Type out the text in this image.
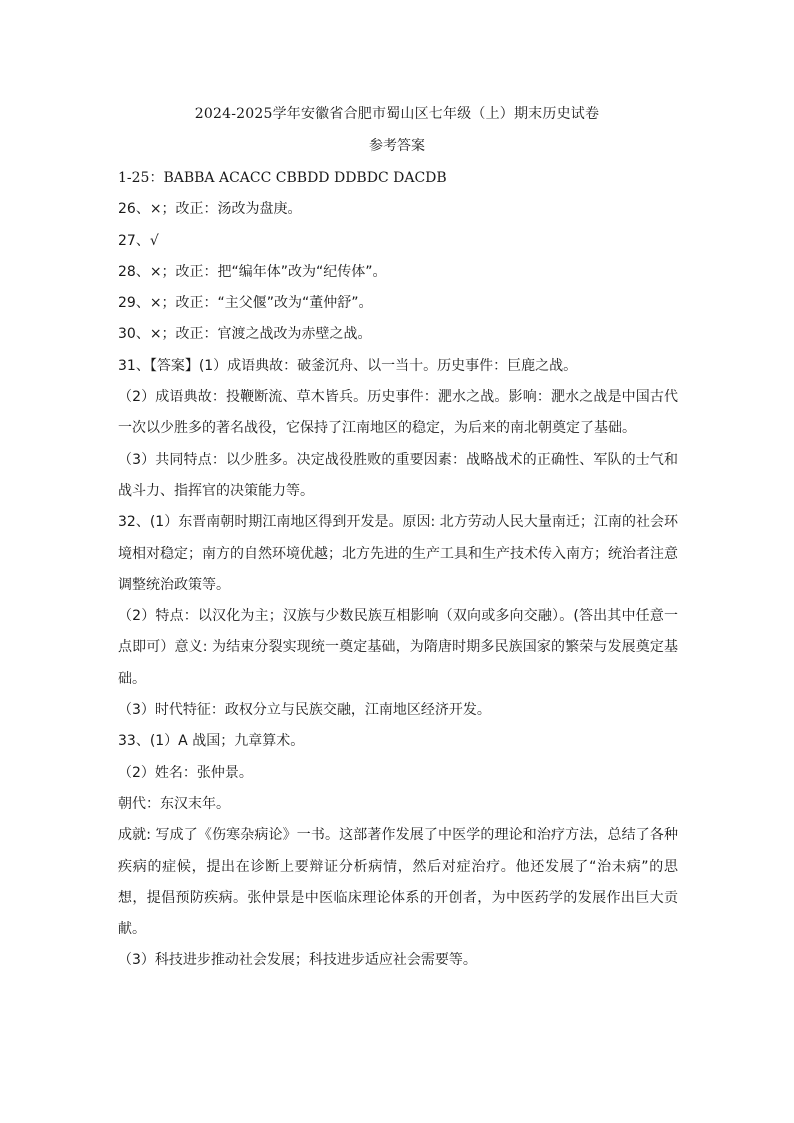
2024-2025学年安徽省合肥市蜀山区七年级（上）期末历史试卷
参考答案

1-25：BABBA ACACC CBBDD DDBDC DACDB

26、×；改正：汤改为盘庚。

27、√

28、×；改正：把“编年体”改为“纪传体”。

29、×；改正：“主父偃”改为“董仲舒”。

30、×；改正：官渡之战改为赤壁之战。

31、【答案】(1）成语典故：破釜沉舟、以一当十。历史事件：巨鹿之战。

（2）成语典故：投鞭断流、草木皆兵。历史事件：淝水之战。影响：淝水之战是中国古代一次以少胜多的著名战役，它保持了江南地区的稳定，为后来的南北朝奠定了基础。

（3）共同特点：以少胜多。决定战役胜败的重要因素：战略战术的正确性、军队的士气和战斗力、指挥官的决策能力等。

32、(1）东晋南朝时期江南地区得到开发是。原因: 北方劳动人民大量南迁；江南的社会环境相对稳定；南方的自然环境优越；北方先进的生产工具和生产技术传入南方；统治者注意调整统治政策等。

（2）特点：以汉化为主；汉族与少数民族互相影响（双向或多向交融）。(答出其中任意一点即可）意义: 为结束分裂实现统一奠定基础，为隋唐时期多民族国家的繁荣与发展奠定基础。

（3）时代特征：政权分立与民族交融，江南地区经济开发。

33、(1）A 战国；九章算术。

（2）姓名：张仲景。

朝代：东汉末年。

成就: 写成了《伤寒杂病论》一书。这部著作发展了中医学的理论和治疗方法，总结了各种疾病的症候，提出在诊断上要辩证分析病情，然后对症治疗。他还发展了“治未病”的思想，提倡预防疾病。张仲景是中医临床理论体系的开创者，为中医药学的发展作出巨大贡献。

（3）科技进步推动社会发展；科技进步适应社会需要等。
